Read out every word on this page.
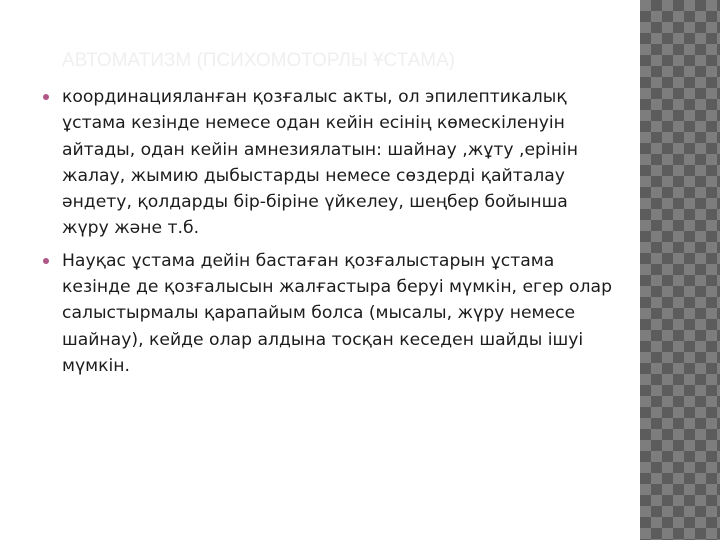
АВТОМАТИЗМ (ПСИХОМОТОРЛЫ ҰСТАМА)
координацияланған қозғалыс акты, ол эпилептикалық ұстама кезінде немесе одан кейін есінің көмескіленуін айтады, одан кейін амнезиялатын: шайнау ,жұту ,ерінін жалау, жымию дыбыстарды немесе сөздерді қайталау әндету, қолдарды бір-біріне үйкелеу, шеңбер бойынша жүру және т.б.
Науқас ұстама дейін бастаған қозғалыстарын ұстама кезінде де қозғалысын жалғастыра беруі мүмкін, егер олар салыстырмалы қарапайым болса (мысалы, жүру немесе шайнау), кейде олар алдына тосқан кеседен шайды ішуі мүмкін.
